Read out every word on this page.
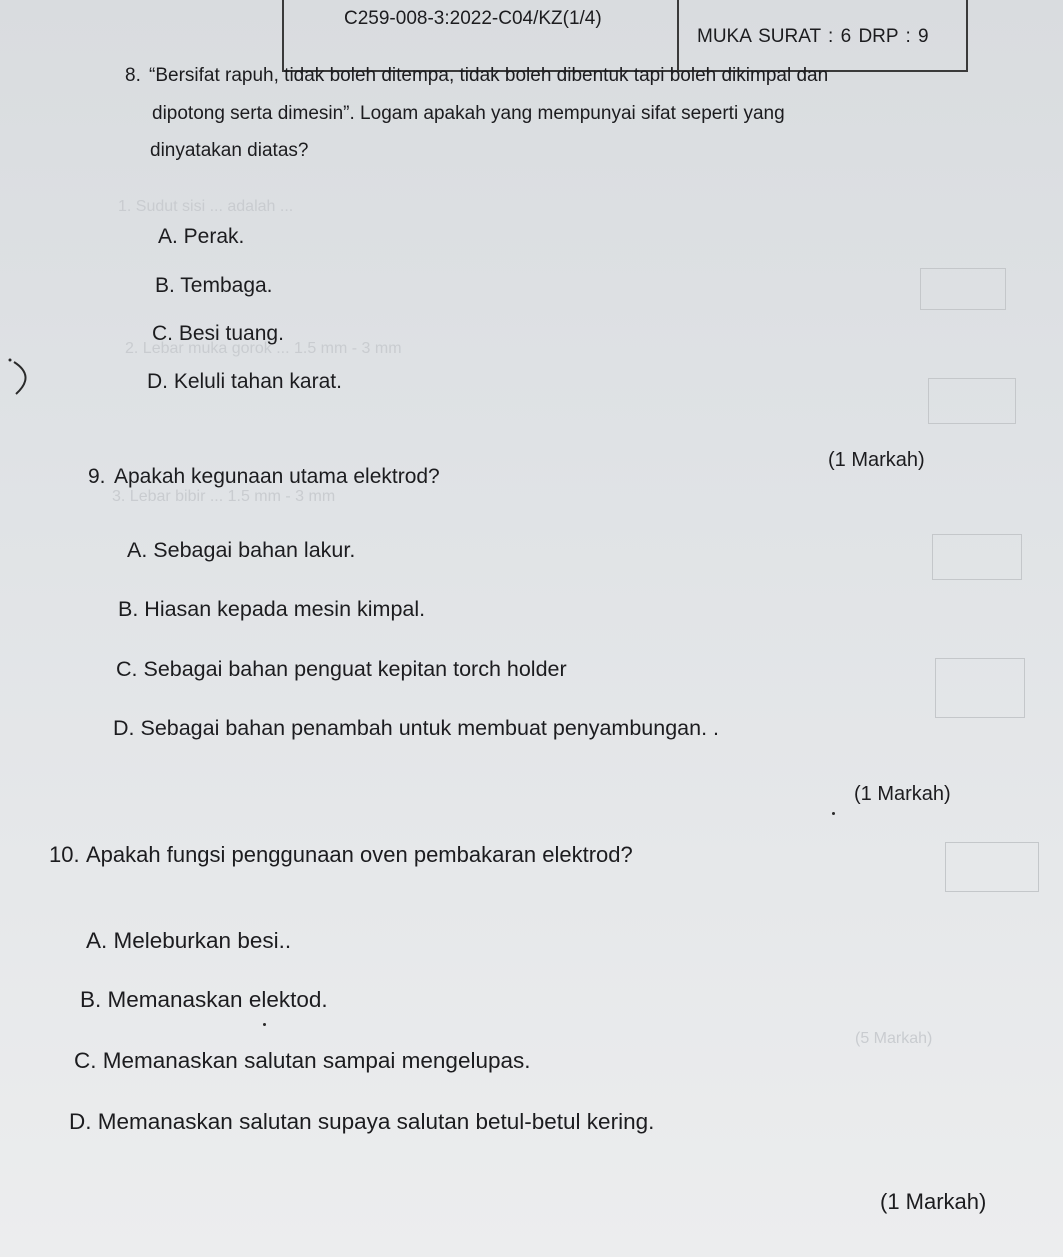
C259-008-3:2022-C04/KZ(1/4)
MUKA SURAT : 6 DRP : 9
1. Sudut sisi ... adalah ...
2. Lebar muka gorok ... 1.5 mm - 3 mm
3. Lebar bibir ... 1.5 mm - 3 mm
(5 Markah)
8. “Bersifat rapuh, tidak boleh ditempa, tidak boleh dibentuk tapi boleh dikimpal dan
dipotong serta dimesin”. Logam apakah yang mempunyai sifat seperti yang
dinyatakan diatas?
A. Perak.
B. Tembaga.
C. Besi tuang.
D. Keluli tahan karat.
(1 Markah)
9. Apakah kegunaan utama elektrod?
A. Sebagai bahan lakur.
B. Hiasan kepada mesin kimpal.
C. Sebagai bahan penguat kepitan torch holder
D. Sebagai bahan penambah untuk membuat penyambungan. .
(1 Markah)
10. Apakah fungsi penggunaan oven pembakaran elektrod?
A. Meleburkan besi..
B. Memanaskan elektod.
C. Memanaskan salutan sampai mengelupas.
D. Memanaskan salutan supaya salutan betul-betul kering.
(1 Markah)
